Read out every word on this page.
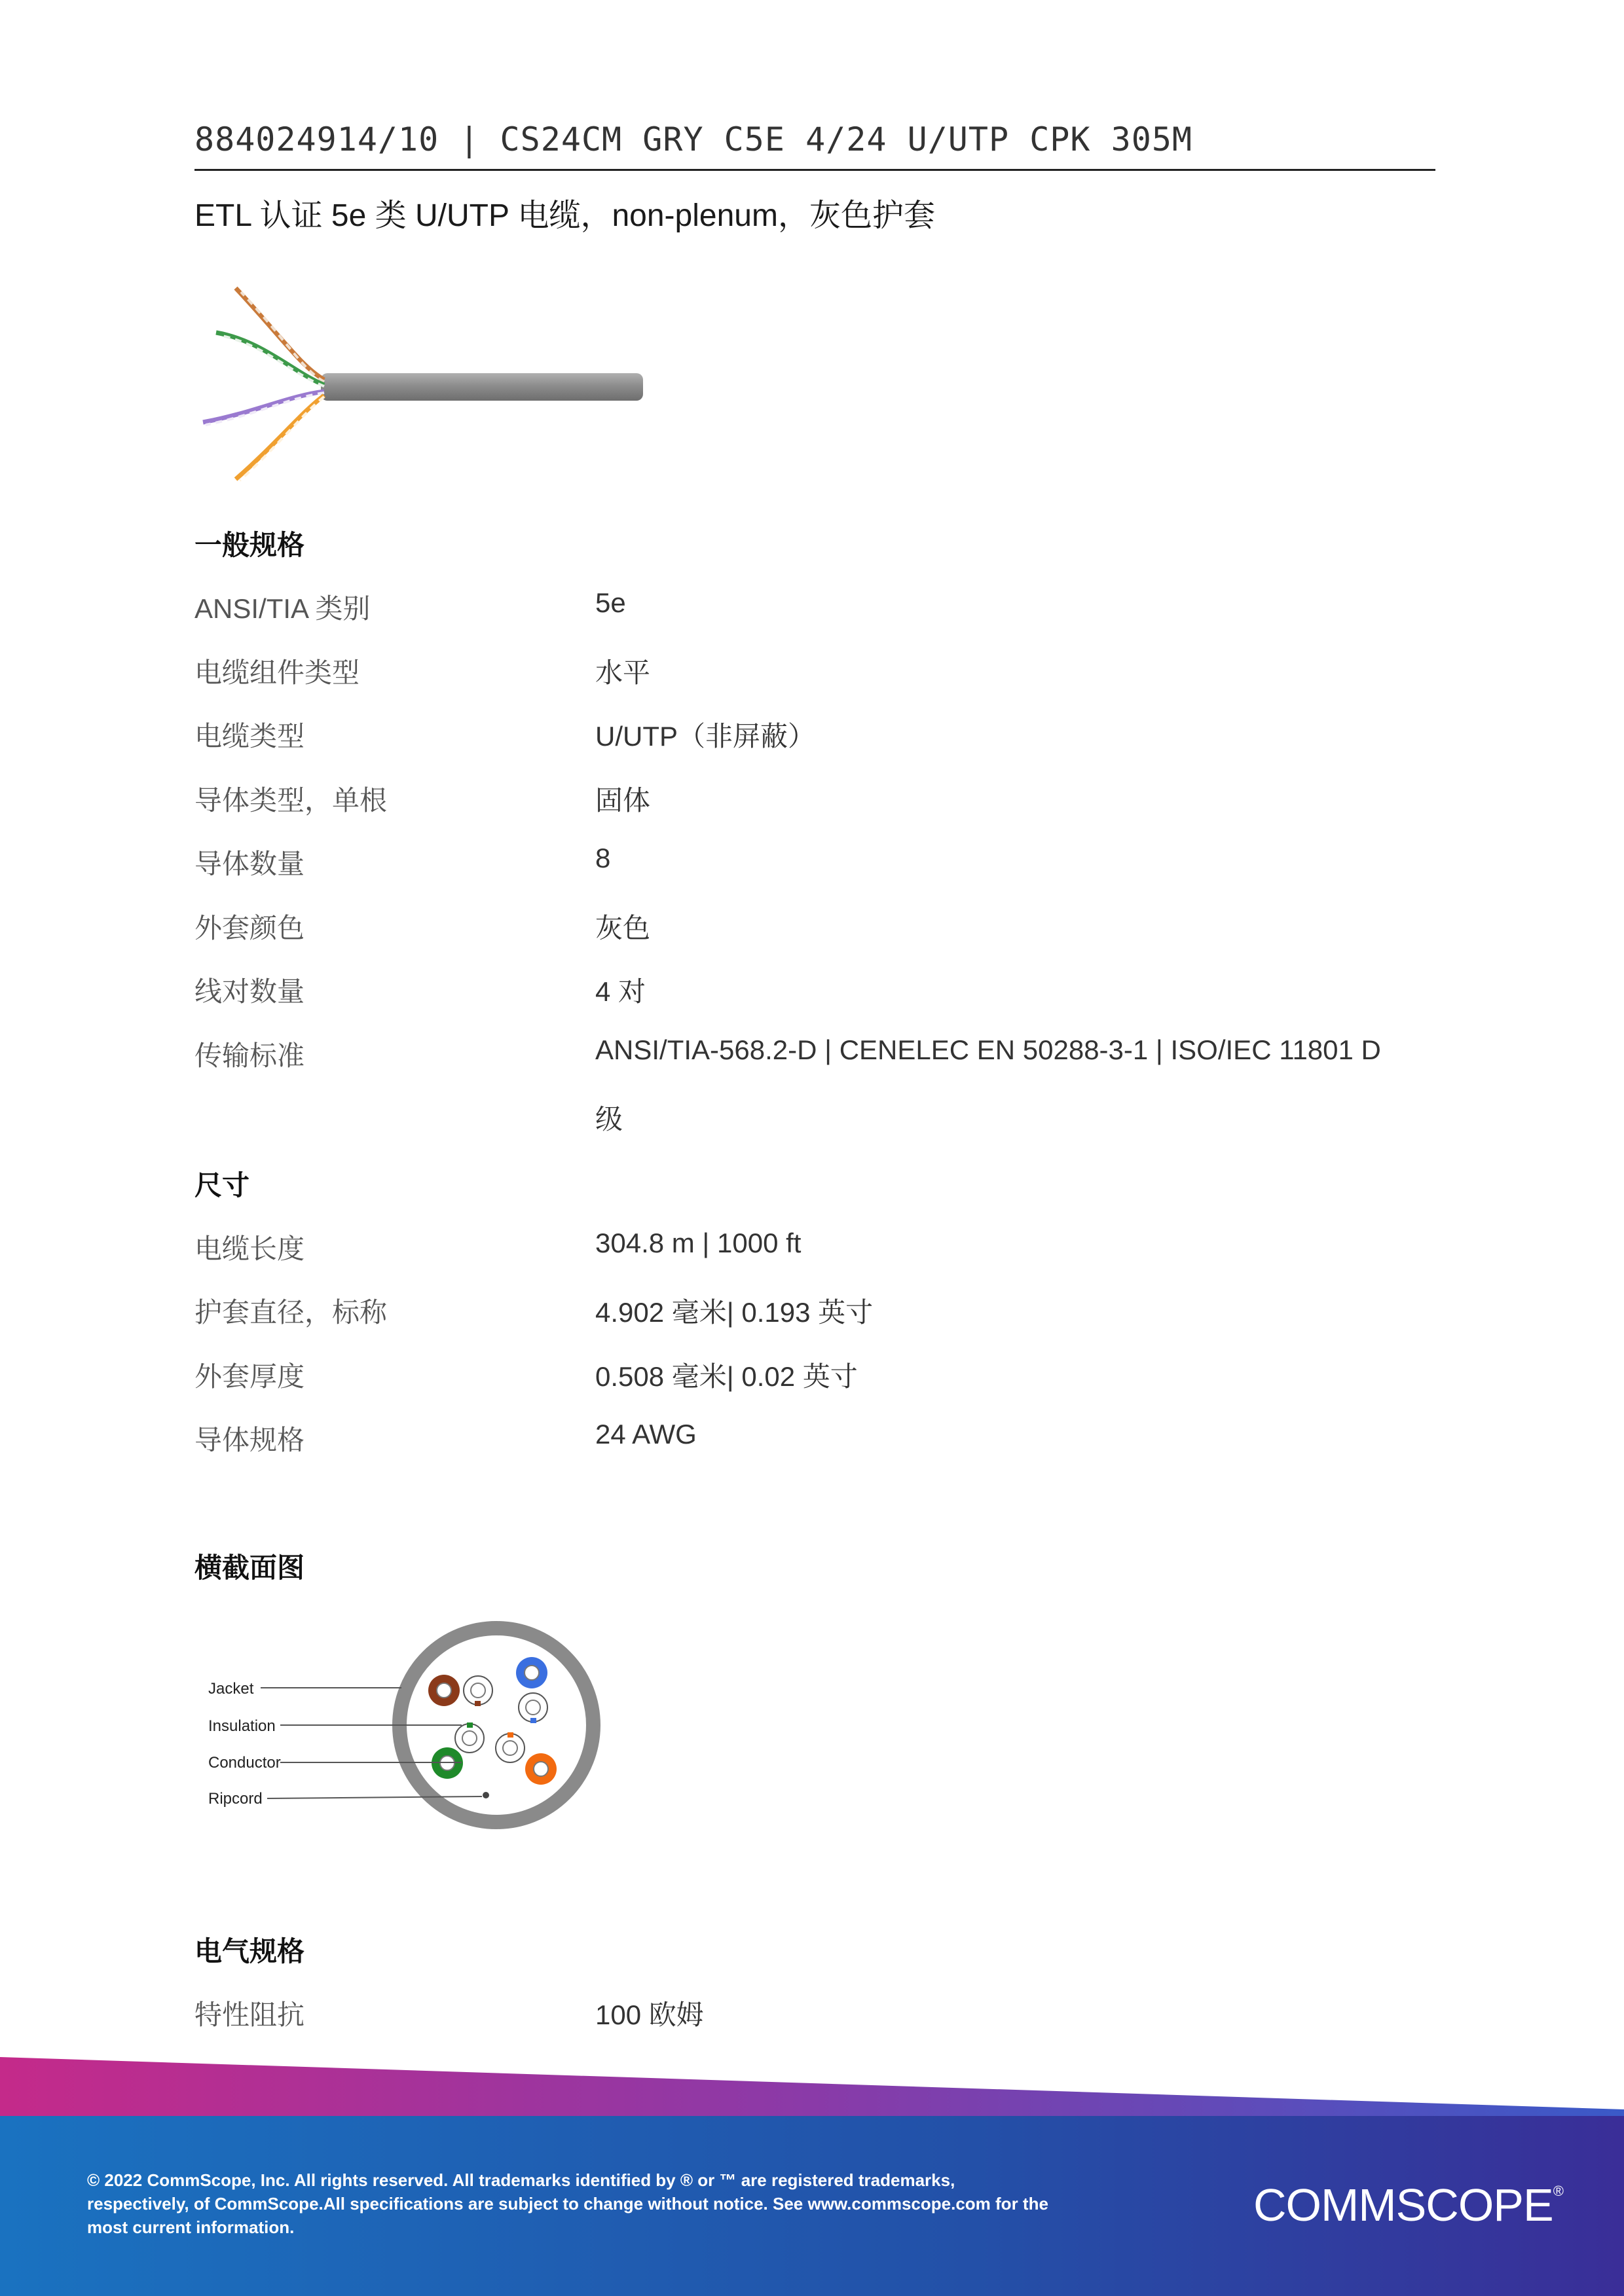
884024914/10 | CS24CM GRY C5E 4/24 U/UTP CPK 305M
ETL 认证 5e 类 U/UTP 电缆，non-plenum，灰色护套
一般规格
ANSI/TIA 类别	5e
电缆组件类型	水平
电缆类型	U/UTP（非屏蔽）
导体类型，单根	固体
导体数量	8
外套颜色	灰色
线对数量	4 对
传输标准	ANSI/TIA-568.2-D | CENELEC EN 50288-3-1 | ISO/IEC 11801 D
级
尺寸
电缆长度	304.8 m | 1000 ft
护套直径，标称	4.902 毫米| 0.193 英寸
外套厚度	0.508 毫米| 0.02 英寸
导体规格	24 AWG
横截面图
Jacket
Insulation
Conductor
Ripcord
电气规格
特性阻抗	100 欧姆
© 2022 CommScope, Inc. All rights reserved. All trademarks identified by ® or ™ are registered trademarks,
respectively, of CommScope.All specifications are subject to change without notice. See www.commscope.com for the
most current information.	COMMSCOPE®
